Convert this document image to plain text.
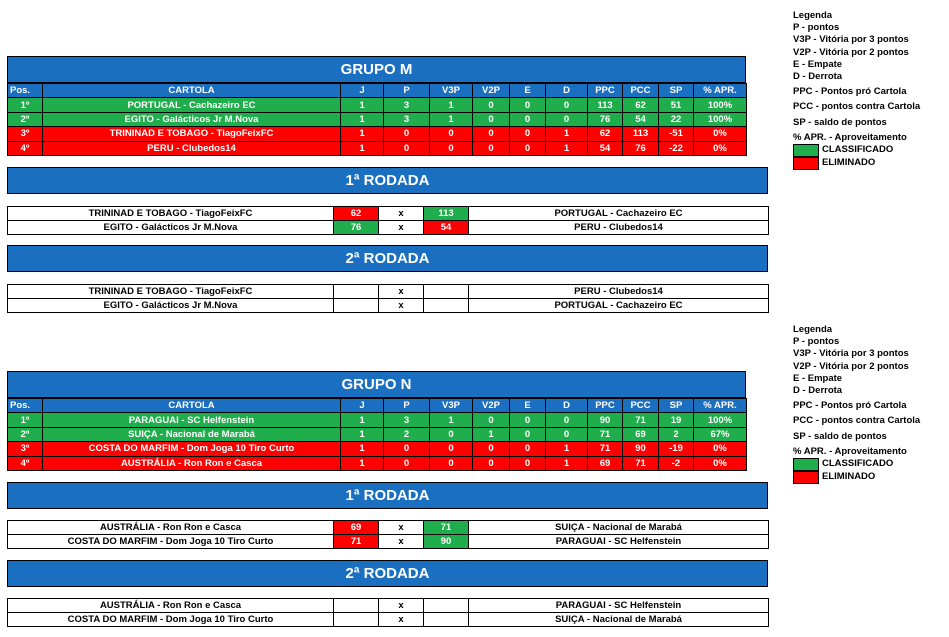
Legenda
P - pontos
V3P - Vitória por 3 pontos
V2P - Vitória por 2 pontos
E - Empate
D - Derrota
PPC - Pontos pró Cartola
PCC - pontos contra Cartola
SP - saldo de pontos
% APR. - Aproveitamento
CLASSIFICADO
ELIMINADO
Legenda
P - pontos
V3P - Vitória por 3 pontos
V2P - Vitória por 2 pontos
E - Empate
D - Derrota
PPC - Pontos pró Cartola
PCC - pontos contra Cartola
SP - saldo de pontos
% APR. - Aproveitamento
CLASSIFICADO
ELIMINADO
GRUPO M
Pos.	CARTOLA	J	P	V3P	V2P	E	D	PPC	PCC	SP	% APR.
1º	PORTUGAL - Cachazeiro EC	1	3	1	0	0	0	113	62	51	100%
2º	EGITO - Galácticos Jr M.Nova	1	3	1	0	0	0	76	54	22	100%
3º	TRININAD E TOBAGO - TiagoFeixFC	1	0	0	0	0	1	62	113	-51	0%
4º	PERU - Clubedos14	1	0	0	0	0	1	54	76	-22	0%
1ª RODADA
TRININAD E TOBAGO - TiagoFeixFC	62	x	113	PORTUGAL - Cachazeiro EC
EGITO - Galácticos Jr M.Nova	76	x	54	PERU - Clubedos14
2ª RODADA
TRININAD E TOBAGO - TiagoFeixFC		x		PERU - Clubedos14
EGITO - Galácticos Jr M.Nova		x		PORTUGAL - Cachazeiro EC
GRUPO N
Pos.	CARTOLA	J	P	V3P	V2P	E	D	PPC	PCC	SP	% APR.
1º	PARAGUAI - SC Helfenstein	1	3	1	0	0	0	90	71	19	100%
2º	SUIÇA - Nacional de Marabá	1	2	0	1	0	0	71	69	2	67%
3º	COSTA DO MARFIM - Dom Joga 10 Tiro Curto	1	0	0	0	0	1	71	90	-19	0%
4º	AUSTRÁLIA - Ron Ron e Casca	1	0	0	0	0	1	69	71	-2	0%
1ª RODADA
AUSTRÁLIA - Ron Ron e Casca	69	x	71	SUIÇA - Nacional de Marabá
COSTA DO MARFIM - Dom Joga 10 Tiro Curto	71	x	90	PARAGUAI - SC Helfenstein
2ª RODADA
AUSTRÁLIA - Ron Ron e Casca		x		PARAGUAI - SC Helfenstein
COSTA DO MARFIM - Dom Joga 10 Tiro Curto		x		SUIÇA - Nacional de Marabá
